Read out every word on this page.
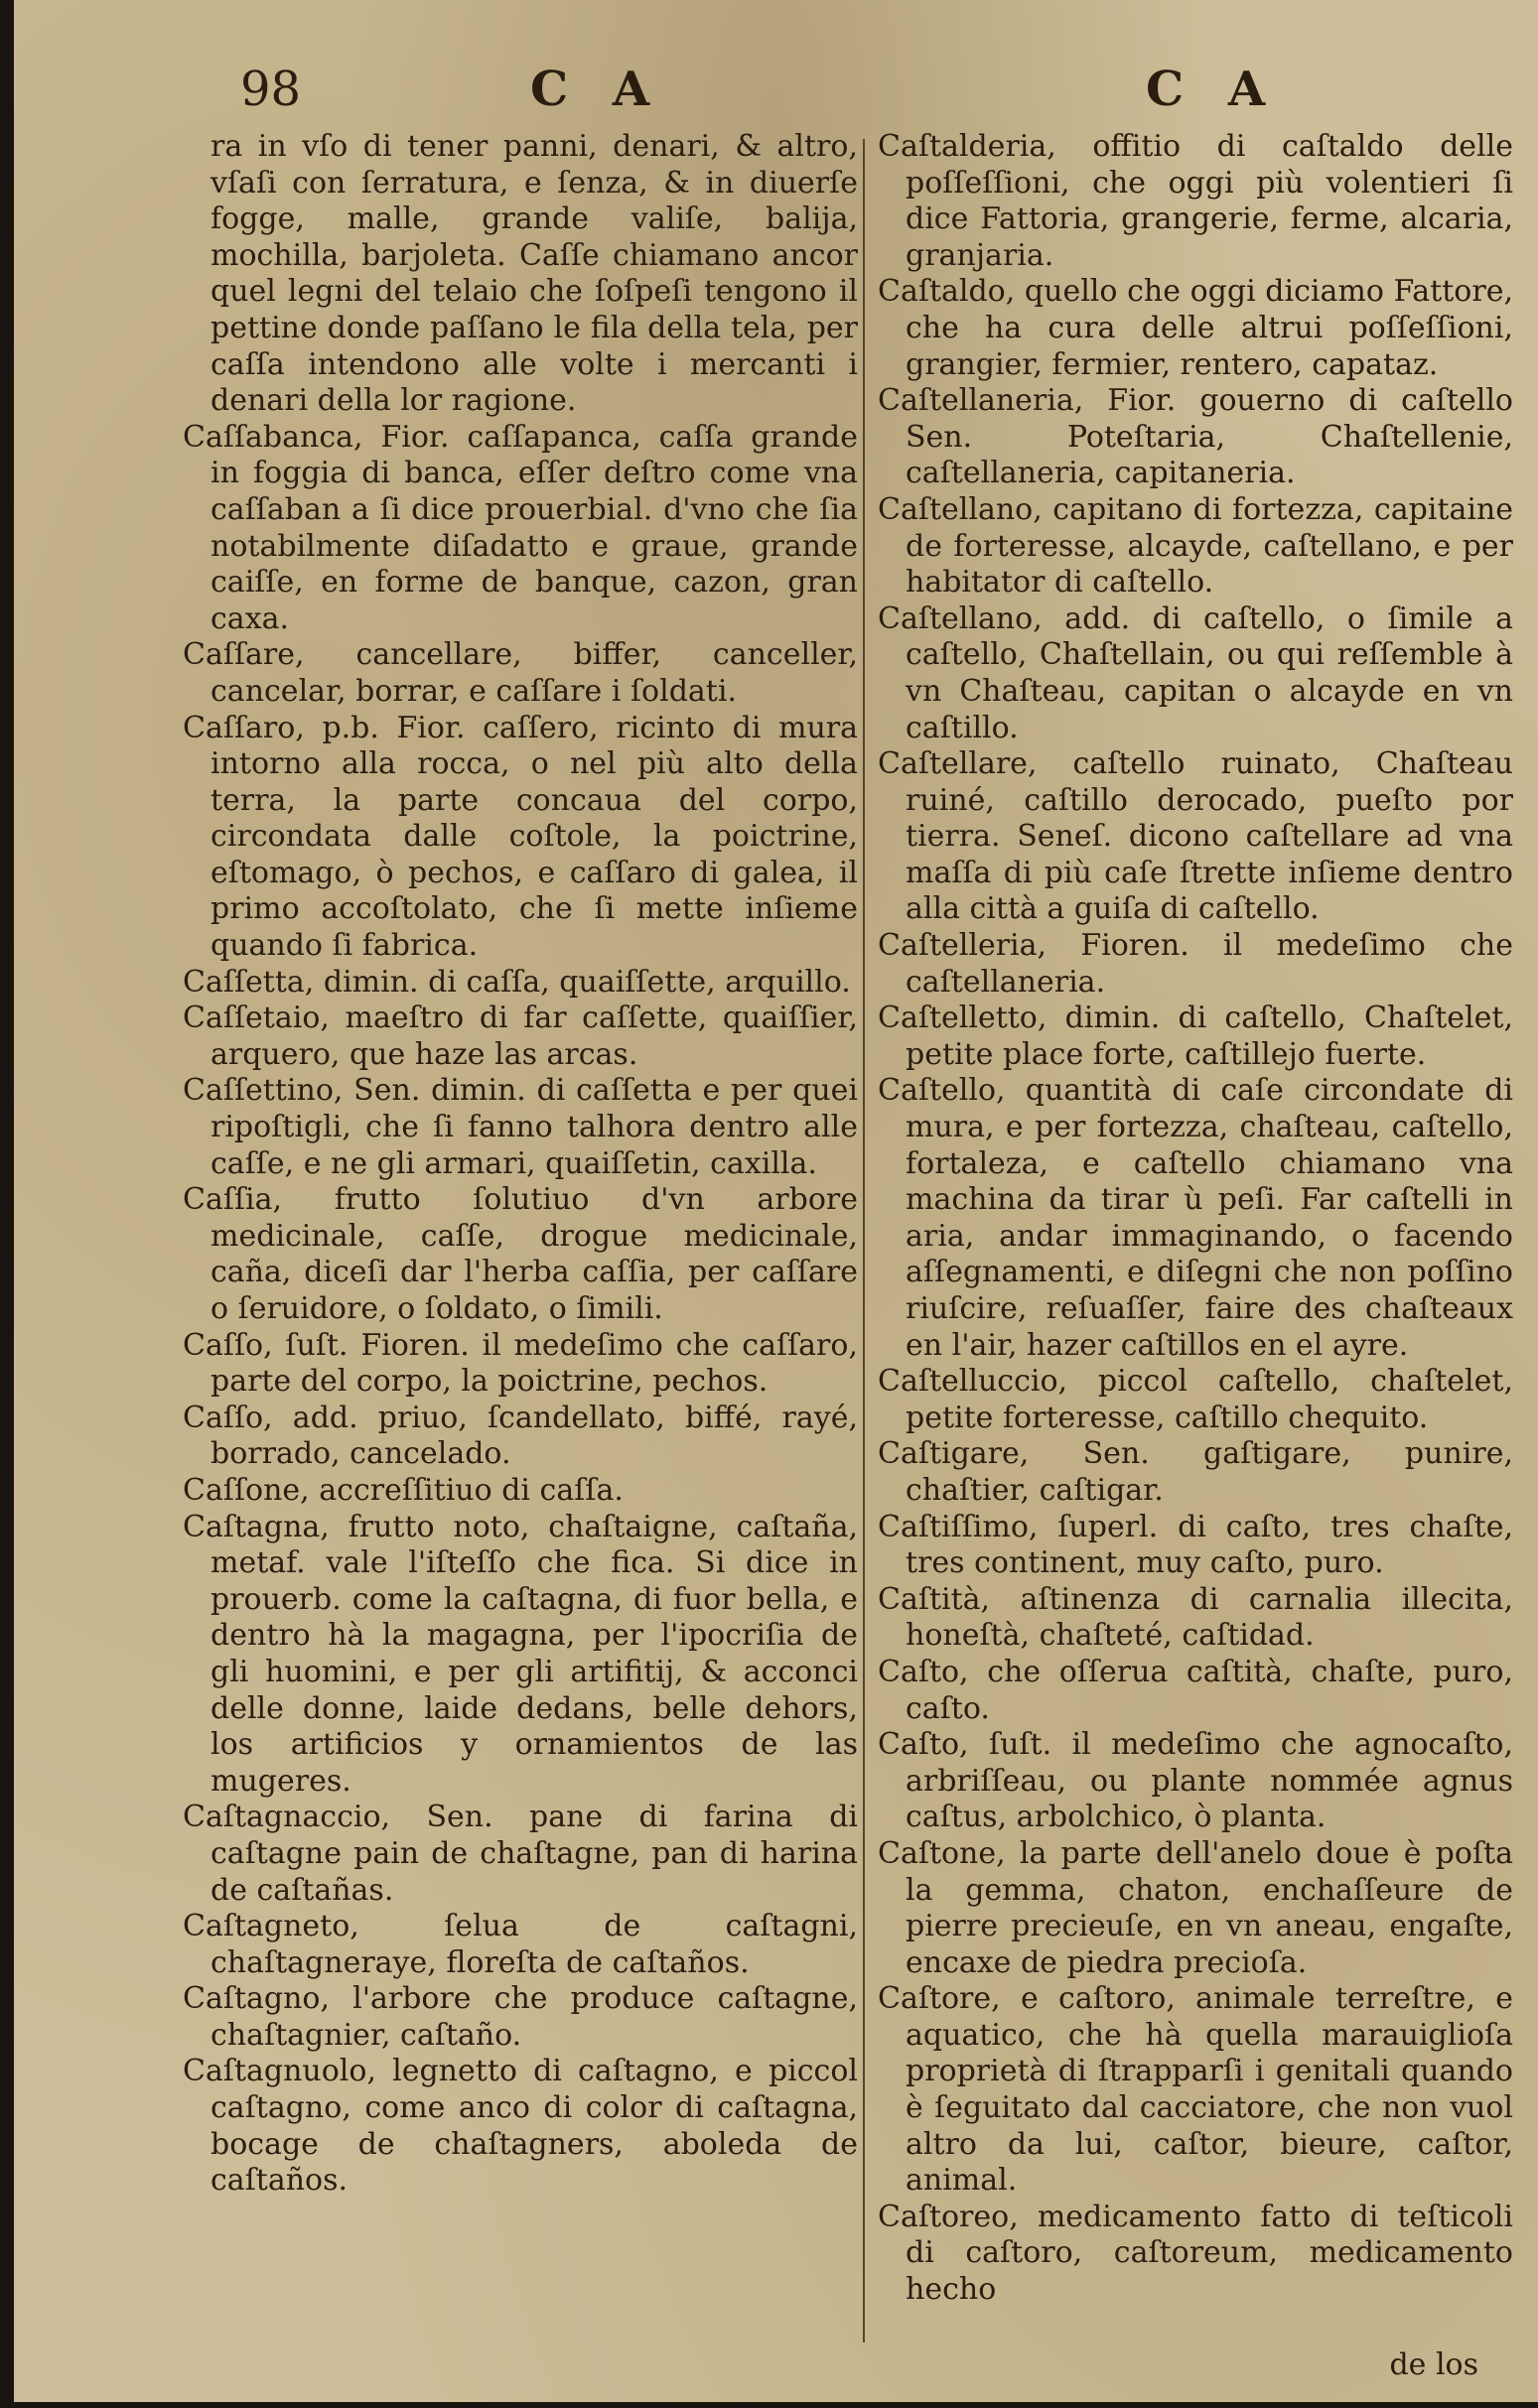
98	C A	C A

ra in vſo di tener panni, denari, & altro, vſaſi con ſerratura, e ſenza, & in diuerſe fogge, malle, grande valiſe, balija, mochilla, barjoleta. Caſſe chiamano ancor quel legni del telaio che ſoſpeſi tengono il pettine donde paſſano le fila della tela, per caſſa intendono alle volte i mercanti i denari della lor ragione.

Caſſabanca, Fior. caſſapanca, caſſa grande in foggia di banca, eſſer deſtro come vna caſſaban a ſi dice prouerbial. d'vno che ſia notabilmente diſadatto e graue, grande caiſſe, en forme de banque, cazon, gran caxa.

Caſſare, cancellare, biffer, canceller, cancelar, borrar, e caſſare i ſoldati.

Caſſaro, p.b. Fior. caſſero, ricinto di mura intorno alla rocca, o nel più alto della terra, la parte concaua del corpo, circondata dalle coſtole, la poictrine, eſtomago, ò pechos, e caſſaro di galea, il primo accoſtolato, che ſi mette inſieme quando ſi fabrica.

Caſſetta, dimin. di caſſa, quaiſſette, arquillo.

Caſſetaio, maeſtro di far caſſette, quaiſſier, arquero, que haze las arcas.

Caſſettino, Sen. dimin. di caſſetta e per quei ripoſtigli, che ſi fanno talhora dentro alle caſſe, e ne gli armari, quaiſſetin, caxilla.

Caſſia, frutto ſolutiuo d'vn arbore medicinale, caſſe, drogue medicinale, caña, diceſi dar l'herba caſſia, per caſſare o ſeruidore, o ſoldato, o ſimili.

Caſſo, ſuſt. Fioren. il medeſimo che caſſaro, parte del corpo, la poictrine, pechos.

Caſſo, add. priuo, ſcandellato, biffé, rayé, borrado, cancelado.

Caſſone, accreſſitiuo di caſſa.

Caſtagna, frutto noto, chaſtaigne, caſtaña, metaf. vale l'iſteſſo che fica. Si dice in prouerb. come la caſtagna, di fuor bella, e dentro hà la magagna, per l'ipocriſia de gli huomini, e per gli artifitij, & acconci delle donne, laide dedans, belle dehors, los artificios y ornamientos de las mugeres.

Caſtagnaccio, Sen. pane di farina di caſtagne pain de chaſtagne, pan di harina de caſtañas.

Caſtagneto, ſelua de caſtagni, chaſtagneraye, floreſta de caſtaños.

Caſtagno, l'arbore che produce caſtagne, chaſtagnier, caſtaño.

Caſtagnuolo, legnetto di caſtagno, e piccol caſtagno, come anco di color di caſtagna, bocage de chaſtagners, aboleda de caſtaños.

Caſtalderia, offitio di caſtaldo delle poſſeſſioni, che oggi più volentieri ſi dice Fattoria, grangerie, ferme, alcaria, granjaria.

Caſtaldo, quello che oggi diciamo Fattore, che ha cura delle altrui poſſeſſioni, grangier, fermier, rentero, capataz.

Caſtellaneria, Fior. gouerno di caſtello Sen. Poteſtaria, Chaſtellenie, caſtellaneria, capitaneria.

Caſtellano, capitano di fortezza, capitaine de forteresse, alcayde, caſtellano, e per habitator di caſtello.

Caſtellano, add. di caſtello, o ſimile a caſtello, Chaſtellain, ou qui reſſemble à vn Chaſteau, capitan o alcayde en vn caſtillo.

Caſtellare, caſtello ruinato, Chaſteau ruiné, caſtillo derocado, pueſto por tierra. Seneſ. dicono caſtellare ad vna maſſa di più caſe ſtrette inſieme dentro alla città a guiſa di caſtello.

Caſtelleria, Fioren. il medeſimo che caſtellaneria.

Caſtelletto, dimin. di caſtello, Chaſtelet, petite place forte, caſtillejo fuerte.

Caſtello, quantità di caſe circondate di mura, e per fortezza, chaſteau, caſtello, fortaleza, e caſtello chiamano vna machina da tirar ù peſi. Far caſtelli in aria, andar immaginando, o facendo aſſegnamenti, e diſegni che non poſſino riuſcire, reſuaſſer, faire des chaſteaux en l'air, hazer caſtillos en el ayre.

Caſtelluccio, piccol caſtello, chaſtelet, petite forteresse, caſtillo chequito.

Caſtigare, Sen. gaſtigare, punire, chaſtier, caſtigar.

Caſtiſſimo, ſuperl. di caſto, tres chaſte, tres continent, muy caſto, puro.

Caſtità, aſtinenza di carnalia illecita, honeſtà, chaſteté, caſtidad.

Caſto, che oſſerua caſtità, chaſte, puro, caſto.

Caſto, ſuſt. il medeſimo che agnocaſto, arbriſſeau, ou plante nommée agnus caſtus, arbolchico, ò planta.

Caſtone, la parte dell'anelo doue è poſta la gemma, chaton, enchaſſeure de pierre precieuſe, en vn aneau, engaſte, encaxe de piedra precioſa.

Caſtore, e caſtoro, animale terreſtre, e aquatico, che hà quella marauiglioſa proprietà di ſtrapparſi i genitali quando è ſeguitato dal cacciatore, che non vuol altro da lui, caſtor, bieure, caſtor, animal.

Caſtoreo, medicamento fatto di teſticoli di caſtoro, caſtoreum, medicamento hecho

de los
